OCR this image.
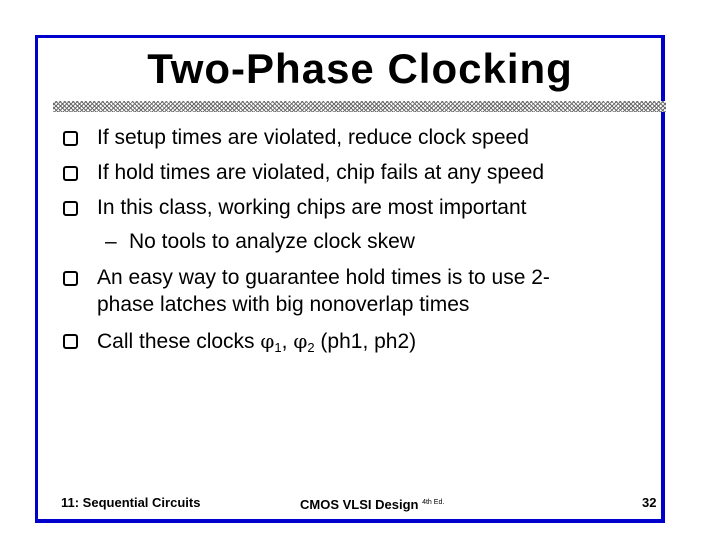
Two-Phase Clocking
If setup times are violated, reduce clock speed
If hold times are violated, chip fails at any speed
In this class, working chips are most important
– No tools to analyze clock skew
An easy way to guarantee hold times is to use 2-
phase latches with big nonoverlap times
Call these clocks $\varphi_1$, $\varphi_2$ (ph1, ph2)
11: Sequential Circuits	CMOS VLSI Design $^{4th Ed.}$	32
